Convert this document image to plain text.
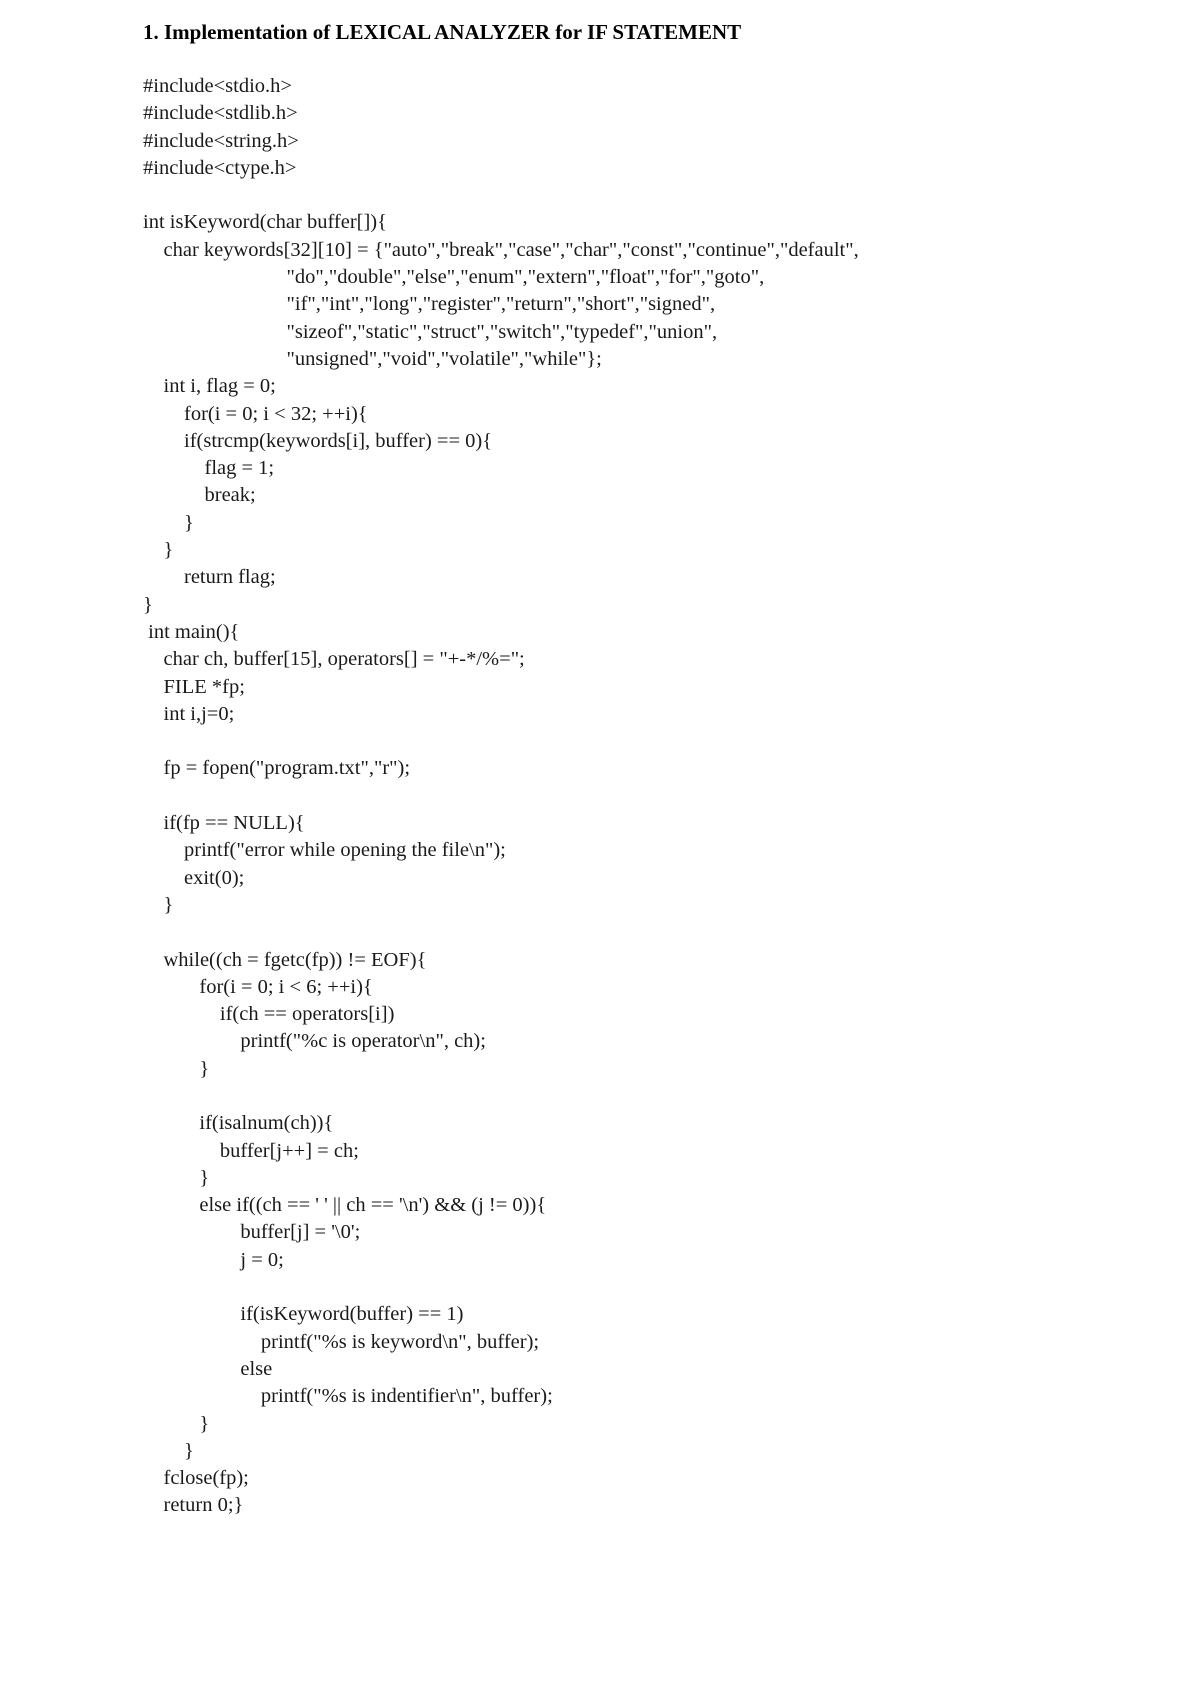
1. Implementation of LEXICAL ANALYZER for IF STATEMENT
#include<stdio.h>
#include<stdlib.h>
#include<string.h>
#include<ctype.h>
int isKeyword(char buffer[]){
char keywords[32][10] = {"auto","break","case","char","const","continue","default",
"do","double","else","enum","extern","float","for","goto",
"if","int","long","register","return","short","signed",
"sizeof","static","struct","switch","typedef","union",
"unsigned","void","volatile","while"};
int i, flag = 0;
for(i = 0; i < 32; ++i){
if(strcmp(keywords[i], buffer) == 0){
flag = 1;
break;
}
}
return flag;
}
int main(){
char ch, buffer[15], operators[] = "+-*/%=";
FILE *fp;
int i,j=0;
fp = fopen("program.txt","r");
if(fp == NULL){
printf("error while opening the file\n");
exit(0);
}
while((ch = fgetc(fp)) != EOF){
for(i = 0; i < 6; ++i){
if(ch == operators[i])
printf("%c is operator\n", ch);
}
if(isalnum(ch)){
buffer[j++] = ch;
}
else if((ch == ' ' || ch == '\n') && (j != 0)){
buffer[j] = '\0';
j = 0;
if(isKeyword(buffer) == 1)
printf("%s is keyword\n", buffer);
else
printf("%s is indentifier\n", buffer);
}
}
fclose(fp);
return 0;}
